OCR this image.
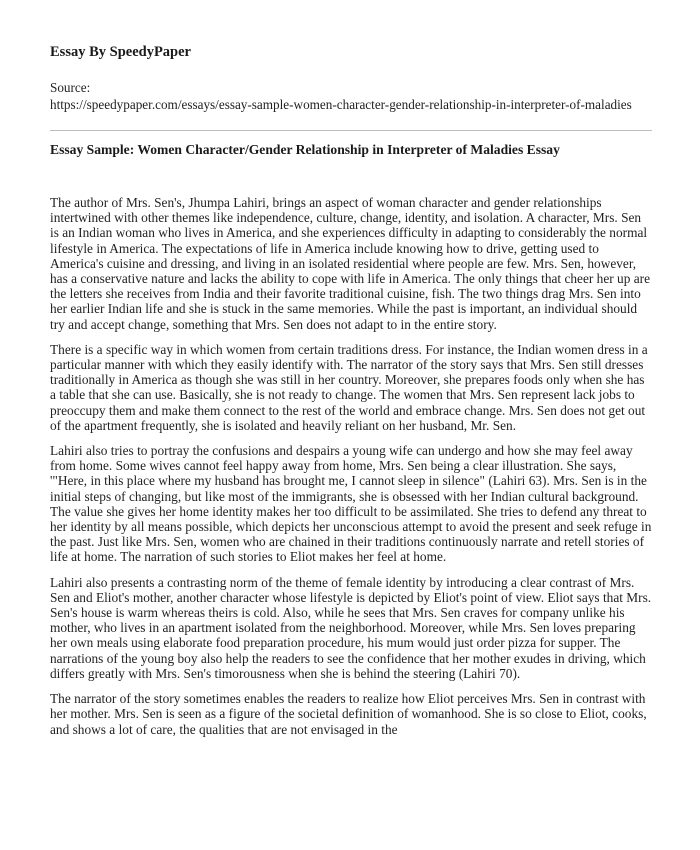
Essay By SpeedyPaper
Source:
https://speedypaper.com/essays/essay-sample-women-character-gender-relationship-in-interpreter-of-maladies
Essay Sample: Women Character/Gender Relationship in Interpreter of Maladies Essay

The author of Mrs. Sen's, Jhumpa Lahiri, brings an aspect of woman character and gender relationships intertwined with other themes like independence, culture, change, identity, and isolation. A character, Mrs. Sen is an Indian woman who lives in America, and she experiences difficulty in adapting to considerably the normal lifestyle in America. The expectations of life in America include knowing how to drive, getting used to America's cuisine and dressing, and living in an isolated residential where people are few. Mrs. Sen, however, has a conservative nature and lacks the ability to cope with life in America. The only things that cheer her up are the letters she receives from India and their favorite traditional cuisine, fish. The two things drag Mrs. Sen into her earlier Indian life and she is stuck in the same memories. While the past is important, an individual should try and accept change, something that Mrs. Sen does not adapt to in the entire story.

There is a specific way in which women from certain traditions dress. For instance, the Indian women dress in a particular manner with which they easily identify with. The narrator of the story says that Mrs. Sen still dresses traditionally in America as though she was still in her country. Moreover, she prepares foods only when she has a table that she can use. Basically, she is not ready to change. The women that Mrs. Sen represent lack jobs to preoccupy them and make them connect to the rest of the world and embrace change. Mrs. Sen does not get out of the apartment frequently, she is isolated and heavily reliant on her husband, Mr. Sen.

Lahiri also tries to portray the confusions and despairs a young wife can undergo and how she may feel away from home. Some wives cannot feel happy away from home, Mrs. Sen being a clear illustration. She says, '"Here, in this place where my husband has brought me, I cannot sleep in silence" (Lahiri 63). Mrs. Sen is in the initial steps of changing, but like most of the immigrants, she is obsessed with her Indian cultural background. The value she gives her home identity makes her too difficult to be assimilated. She tries to defend any threat to her identity by all means possible, which depicts her unconscious attempt to avoid the present and seek refuge in the past. Just like Mrs. Sen, women who are chained in their traditions continuously narrate and retell stories of life at home. The narration of such stories to Eliot makes her feel at home.

Lahiri also presents a contrasting norm of the theme of female identity by introducing a clear contrast of Mrs. Sen and Eliot's mother, another character whose lifestyle is depicted by Eliot's point of view. Eliot says that Mrs. Sen's house is warm whereas theirs is cold. Also, while he sees that Mrs. Sen craves for company unlike his mother, who lives in an apartment isolated from the neighborhood. Moreover, while Mrs. Sen loves preparing her own meals using elaborate food preparation procedure, his mum would just order pizza for supper. The narrations of the young boy also help the readers to see the confidence that her mother exudes in driving, which differs greatly with Mrs. Sen's timorousness when she is behind the steering (Lahiri 70).

The narrator of the story sometimes enables the readers to realize how Eliot perceives Mrs. Sen in contrast with her mother. Mrs. Sen is seen as a figure of the societal definition of womanhood. She is so close to Eliot, cooks, and shows a lot of care, the qualities that are not envisaged in the
